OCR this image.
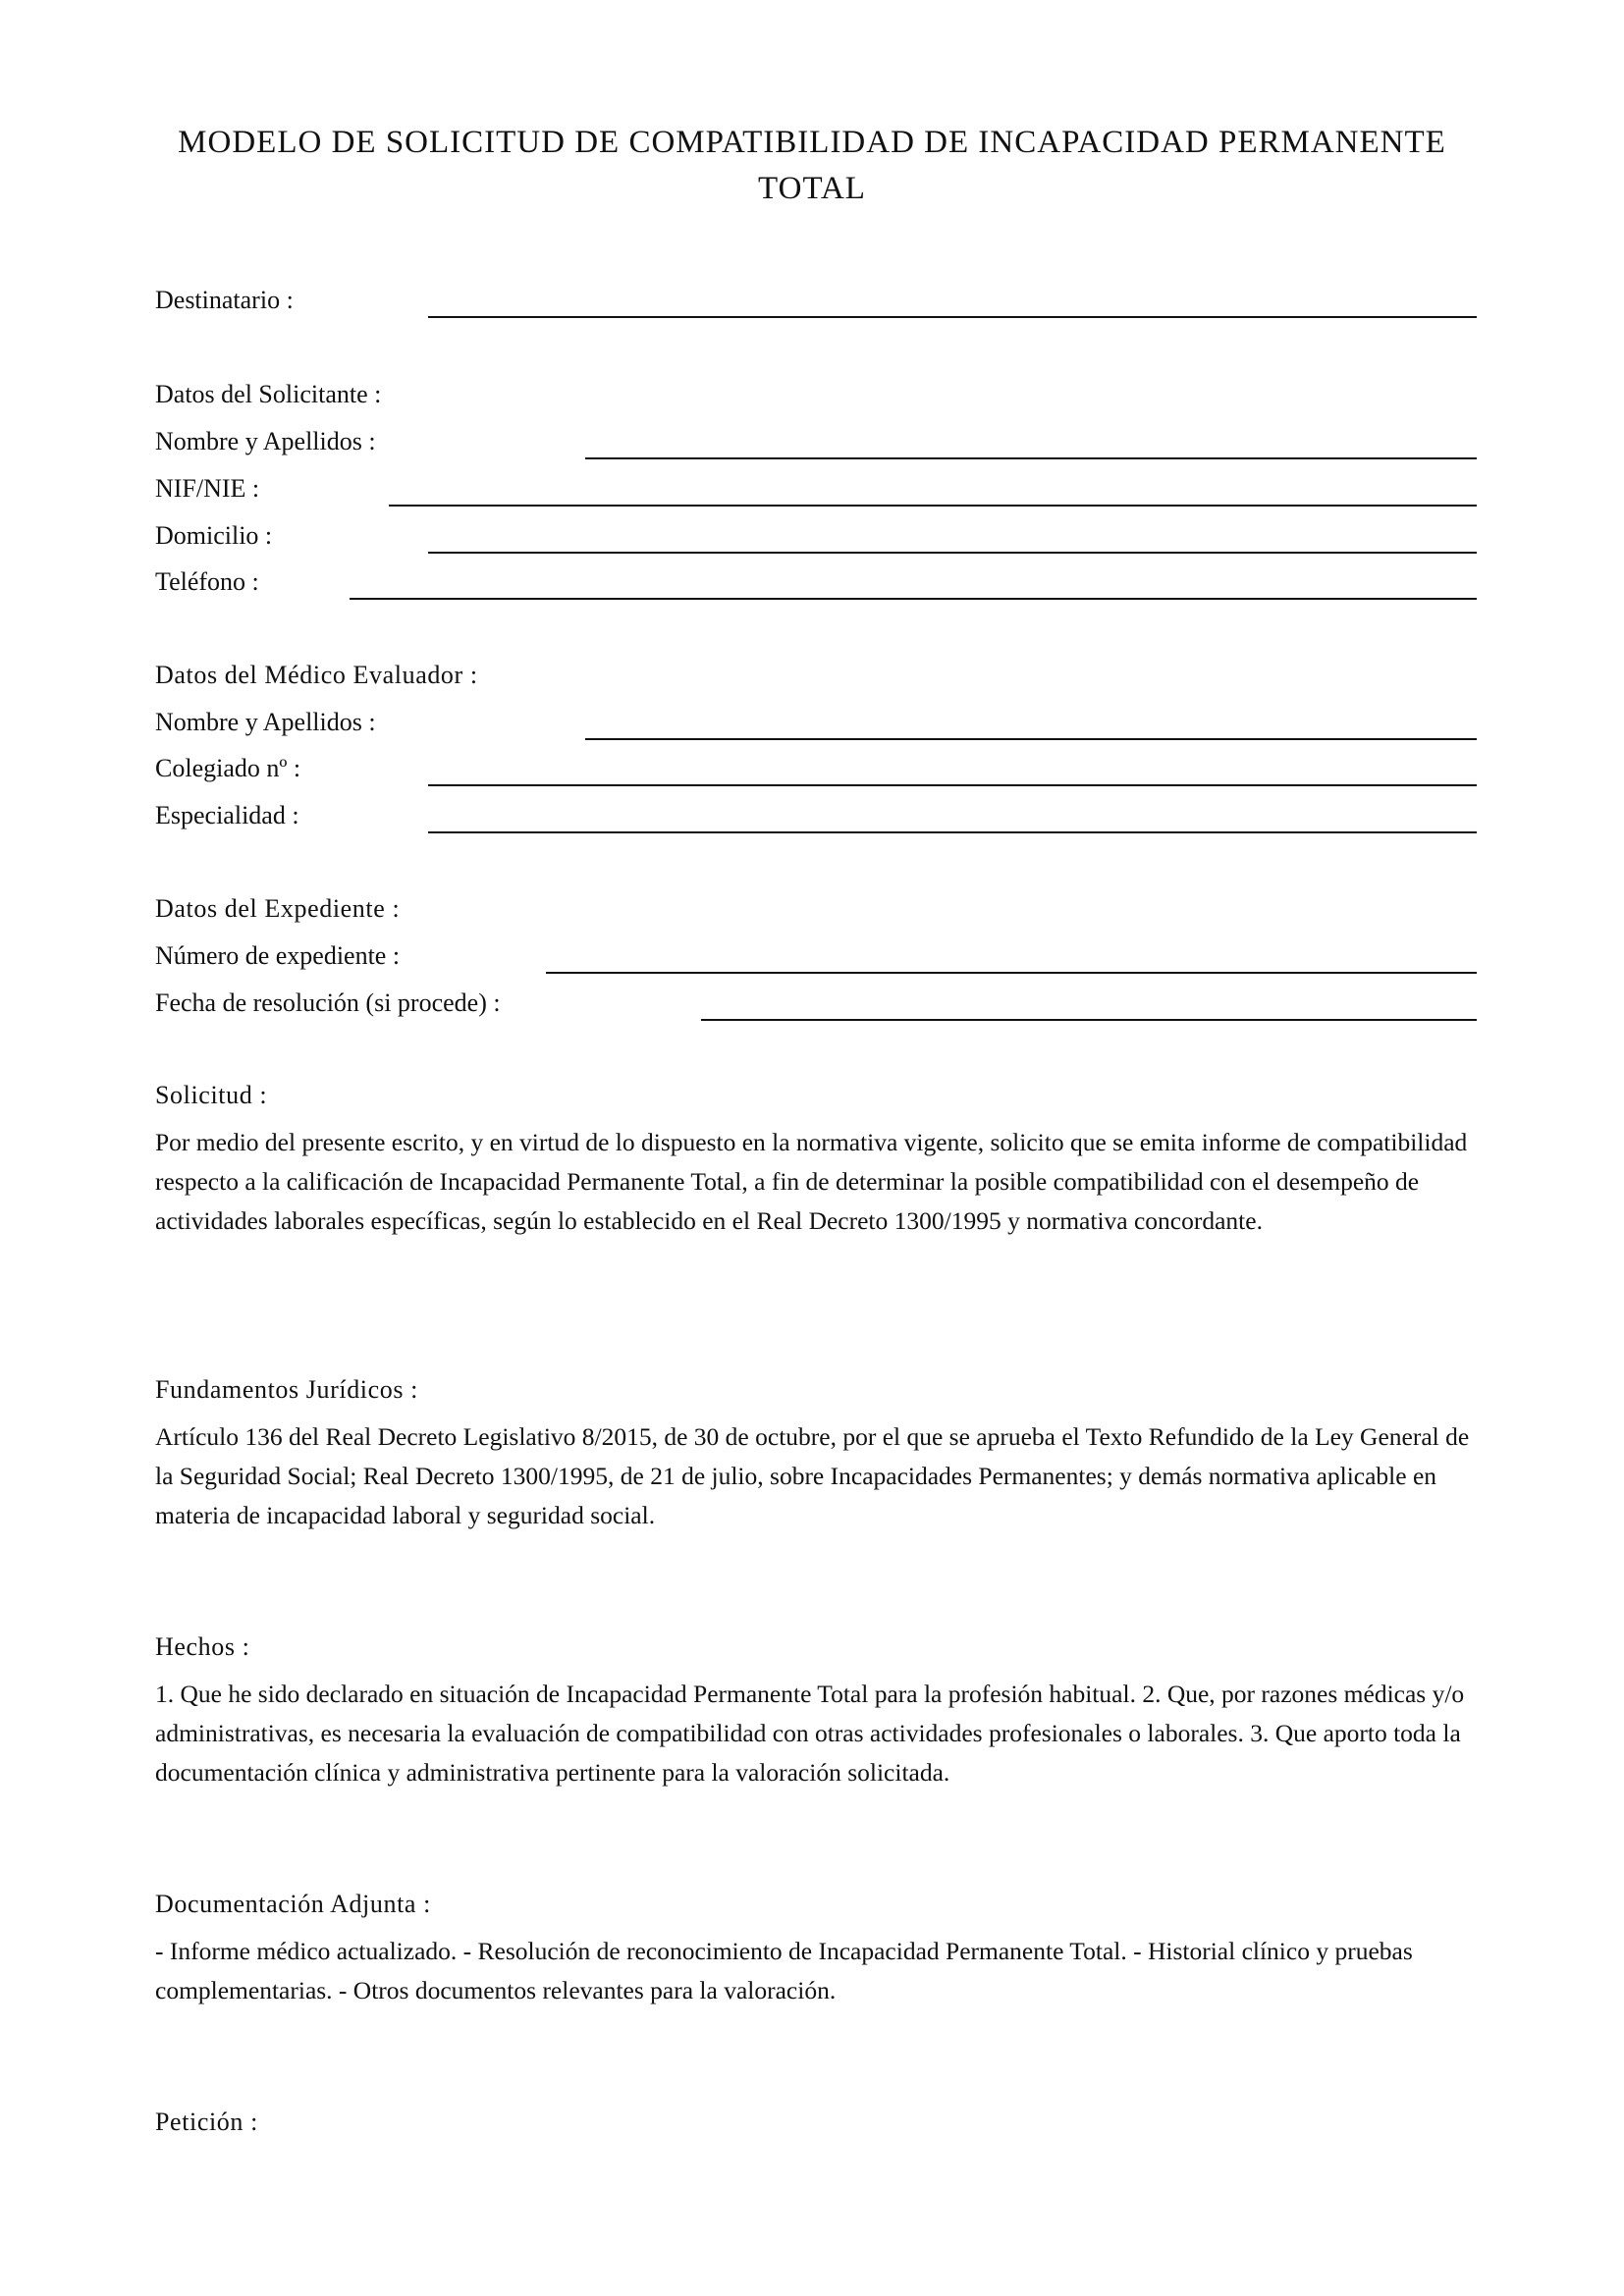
MODELO DE SOLICITUD DE COMPATIBILIDAD DE INCAPACIDAD PERMANENTE TOTAL
Destinatario :
Datos del Solicitante :
Nombre y Apellidos :
NIF/NIE :
Domicilio :
Teléfono :
Datos del Médico Evaluador :
Nombre y Apellidos :
Colegiado nº :
Especialidad :
Datos del Expediente :
Número de expediente :
Fecha de resolución (si procede) :
Solicitud :

Por medio del presente escrito, y en virtud de lo dispuesto en la normativa vigente, solicito que se emita informe de compatibilidad respecto a la calificación de Incapacidad Permanente Total, a fin de determinar la posible compatibilidad con el desempeño de actividades laborales específicas, según lo establecido en el Real Decreto 1300/1995 y normativa concordante.

Fundamentos Jurídicos :

Artículo 136 del Real Decreto Legislativo 8/2015, de 30 de octubre, por el que se aprueba el Texto Refundido de la Ley General de la Seguridad Social; Real Decreto 1300/1995, de 21 de julio, sobre Incapacidades Permanentes; y demás normativa aplicable en materia de incapacidad laboral y seguridad social.

Hechos :

1. Que he sido declarado en situación de Incapacidad Permanente Total para la profesión habitual. 2. Que, por razones médicas y/o administrativas, es necesaria la evaluación de compatibilidad con otras actividades profesionales o laborales. 3. Que aporto toda la documentación clínica y administrativa pertinente para la valoración solicitada.

Documentación Adjunta :

- Informe médico actualizado. - Resolución de reconocimiento de Incapacidad Permanente Total. - Historial clínico y pruebas complementarias. - Otros documentos relevantes para la valoración.

Petición :
